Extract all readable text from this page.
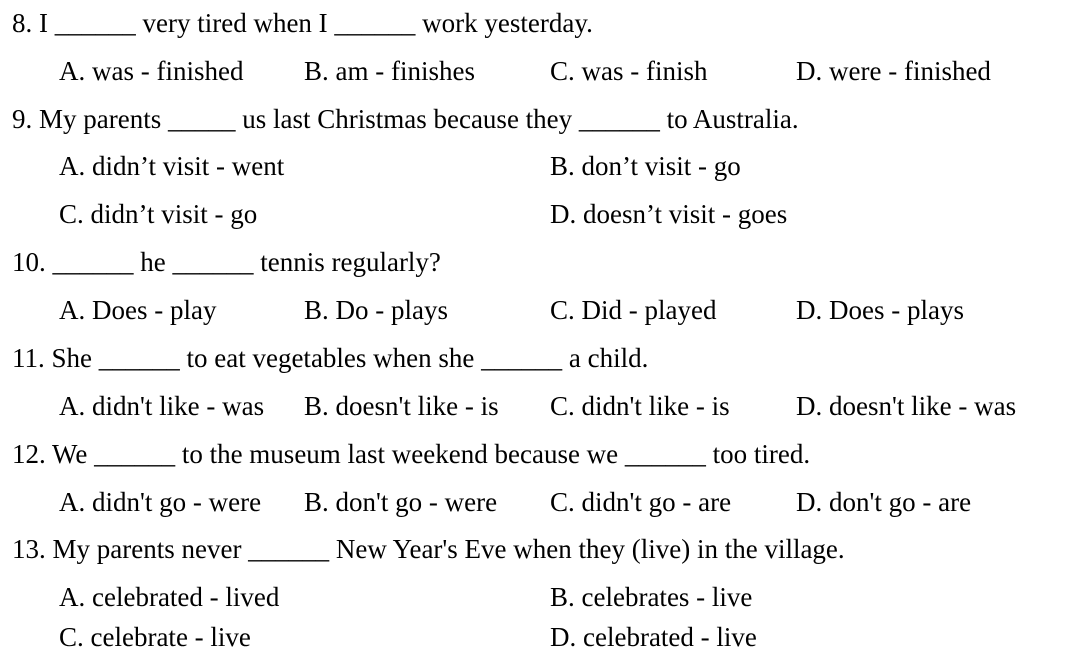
8. I ______ very tired when I ______ work yesterday.
A. was - finished B. am - finishes	C. was - finish	D. were - finished
9. My parents _____ us last Christmas because they ______ to Australia.
A. didn’t visit - went	B. don’t visit - go
C. didn’t visit - go	D. doesn’t visit - goes
10. ______ he ______ tennis regularly?
A. Does - play	B. Do - plays	C. Did - played	D. Does - plays
11. She ______ to eat vegetables when she ______ a child.
A. didn't like - was B. doesn't like - is C. didn't like - is D. doesn't like - was
12. We ______ to the museum last weekend because we ______ too tired.
A. didn't go - were B. don't go - were C. didn't go - are D. don't go - are
13. My parents never ______ New Year's Eve when they (live) in the village.
A. celebrated - lived	B. celebrates - live
C. celebrate - live	D. celebrated - live
